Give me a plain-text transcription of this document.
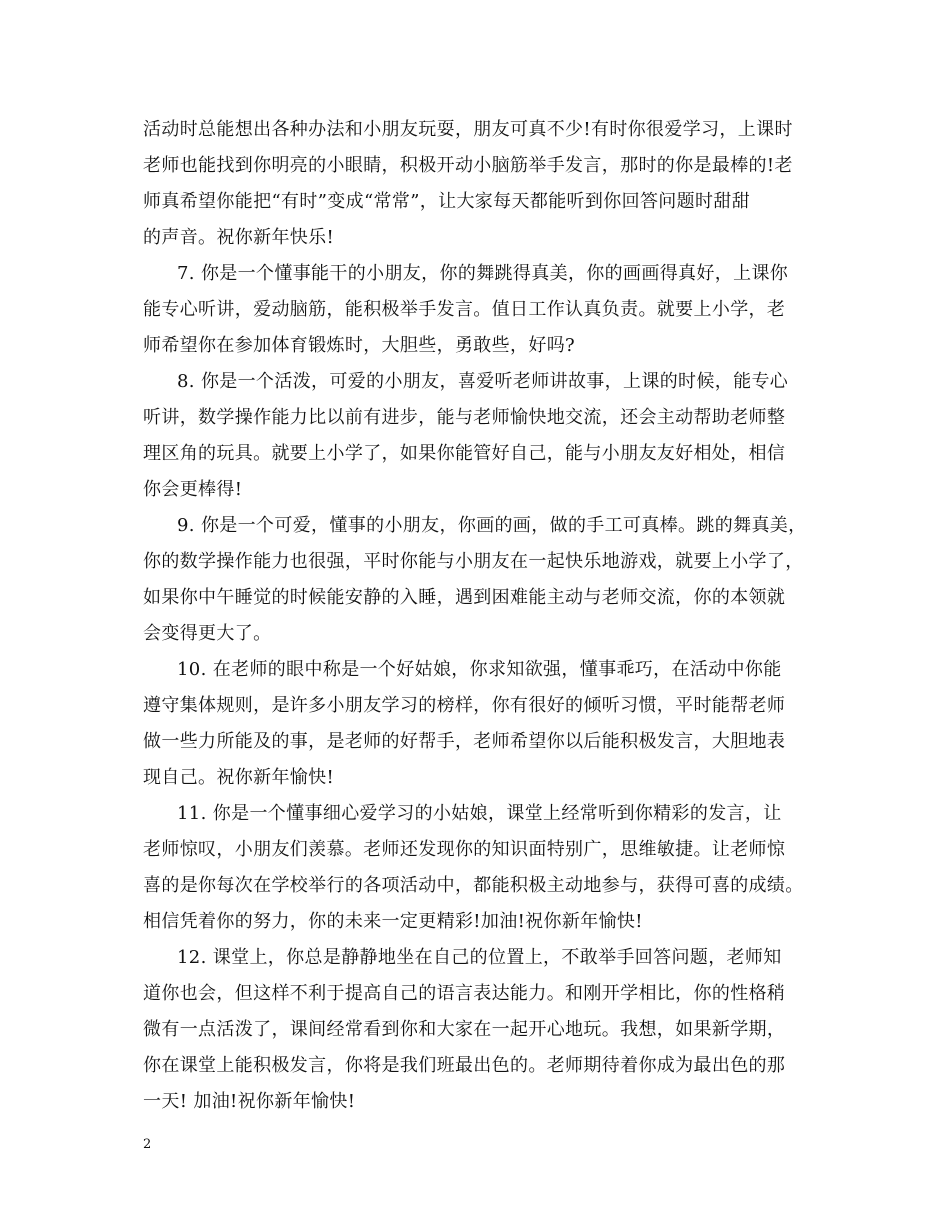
活动时总能想出各种办法和小朋友玩耍，朋友可真不少!有时你很爱学习，上课时
老师也能找到你明亮的小眼睛，积极开动小脑筋举手发言，那时的你是最棒的!老
师真希望你能把“有时”变成“常常”，让大家每天都能听到你回答问题时甜甜
的声音。祝你新年快乐!
7. 你是一个懂事能干的小朋友，你的舞跳得真美，你的画画得真好，上课你
能专心听讲，爱动脑筋，能积极举手发言。值日工作认真负责。就要上小学，老
师希望你在参加体育锻炼时，大胆些，勇敢些，好吗?
8. 你是一个活泼，可爱的小朋友，喜爱听老师讲故事，上课的时候，能专心
听讲，数学操作能力比以前有进步，能与老师愉快地交流，还会主动帮助老师整
理区角的玩具。就要上小学了，如果你能管好自己，能与小朋友友好相处，相信
你会更棒得!
9. 你是一个可爱，懂事的小朋友，你画的画，做的手工可真棒。跳的舞真美，
你的数学操作能力也很强，平时你能与小朋友在一起快乐地游戏，就要上小学了，
如果你中午睡觉的时候能安静的入睡，遇到困难能主动与老师交流，你的本领就
会变得更大了。
10. 在老师的眼中称是一个好姑娘，你求知欲强，懂事乖巧，在活动中你能
遵守集体规则，是许多小朋友学习的榜样，你有很好的倾听习惯，平时能帮老师
做一些力所能及的事，是老师的好帮手，老师希望你以后能积极发言，大胆地表
现自己。祝你新年愉快!
11. 你是一个懂事细心爱学习的小姑娘，课堂上经常听到你精彩的发言，让
老师惊叹，小朋友们羡慕。老师还发现你的知识面特别广，思维敏捷。让老师惊
喜的是你每次在学校举行的各项活动中，都能积极主动地参与，获得可喜的成绩。
相信凭着你的努力，你的未来一定更精彩!加油!祝你新年愉快!
12. 课堂上，你总是静静地坐在自己的位置上，不敢举手回答问题，老师知
道你也会，但这样不利于提高自己的语言表达能力。和刚开学相比，你的性格稍
微有一点活泼了，课间经常看到你和大家在一起开心地玩。我想，如果新学期，
你在课堂上能积极发言，你将是我们班最出色的。老师期待着你成为最出色的那
一天! 加油!祝你新年愉快!
2
